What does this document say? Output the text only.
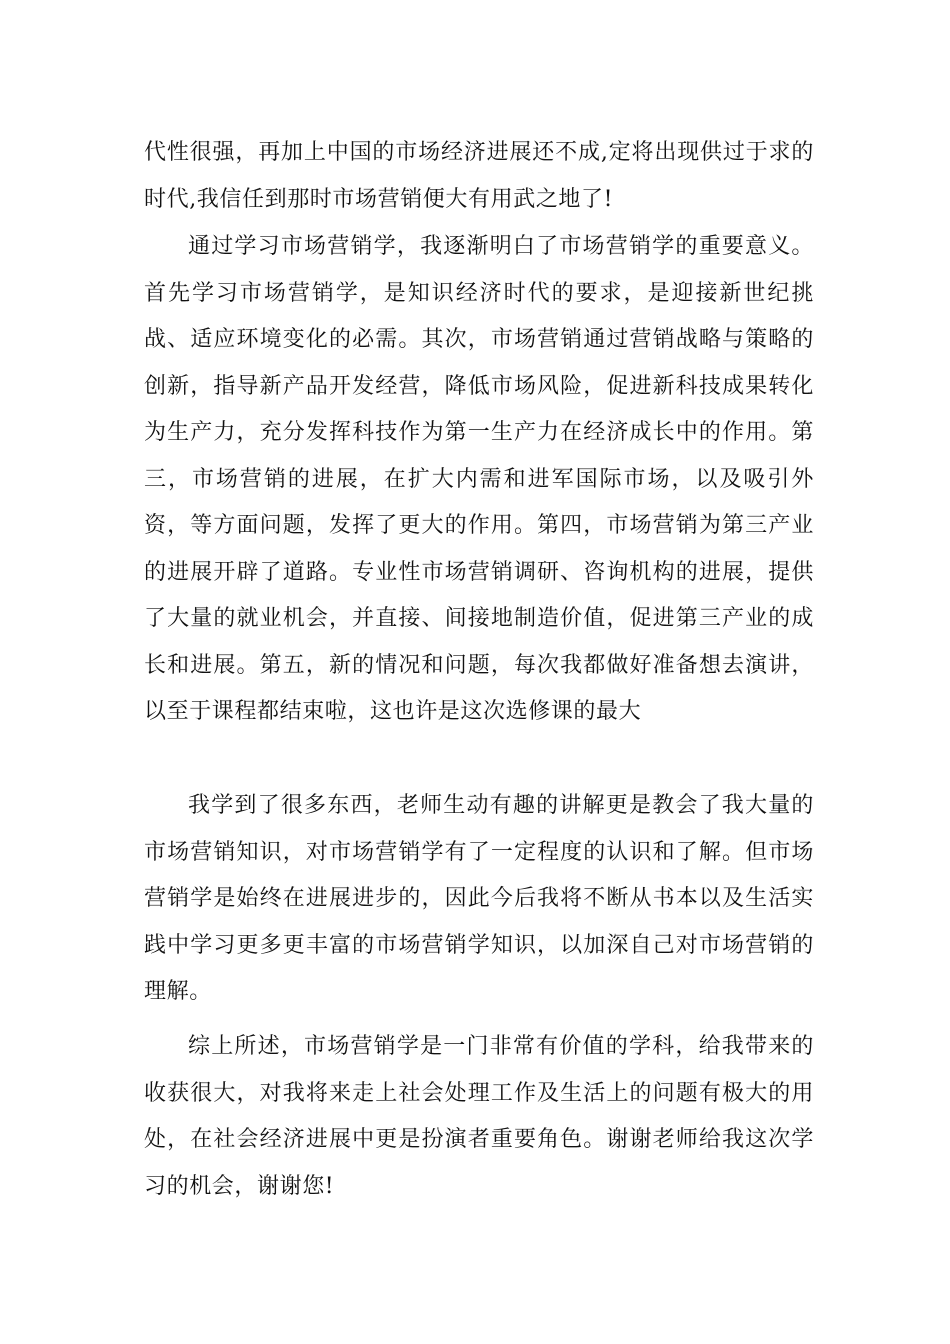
代性很强，再加上中国的市场经济进展还不成,定将出现供过于求的时代,我信任到那时市场营销便大有用武之地了!

通过学习市场营销学，我逐渐明白了市场营销学的重要意义。首先学习市场营销学，是知识经济时代的要求，是迎接新世纪挑战、适应环境变化的必需。其次，市场营销通过营销战略与策略的创新，指导新产品开发经营，降低市场风险，促进新科技成果转化为生产力，充分发挥科技作为第一生产力在经济成长中的作用。第三，市场营销的进展，在扩大内需和进军国际市场，以及吸引外资，等方面问题，发挥了更大的作用。第四，市场营销为第三产业的进展开辟了道路。专业性市场营销调研、咨询机构的进展，提供了大量的就业机会，并直接、间接地制造价值，促进第三产业的成长和进展。第五，新的情况和问题，每次我都做好准备想去演讲，以至于课程都结束啦，这也许是这次选修课的最大

我学到了很多东西，老师生动有趣的讲解更是教会了我大量的市场营销知识，对市场营销学有了一定程度的认识和了解。但市场营销学是始终在进展进步的，因此今后我将不断从书本以及生活实践中学习更多更丰富的市场营销学知识，以加深自己对市场营销的理解。

综上所述，市场营销学是一门非常有价值的学科，给我带来的收获很大，对我将来走上社会处理工作及生活上的问题有极大的用处，在社会经济进展中更是扮演者重要角色。谢谢老师给我这次学习的机会，谢谢您!
